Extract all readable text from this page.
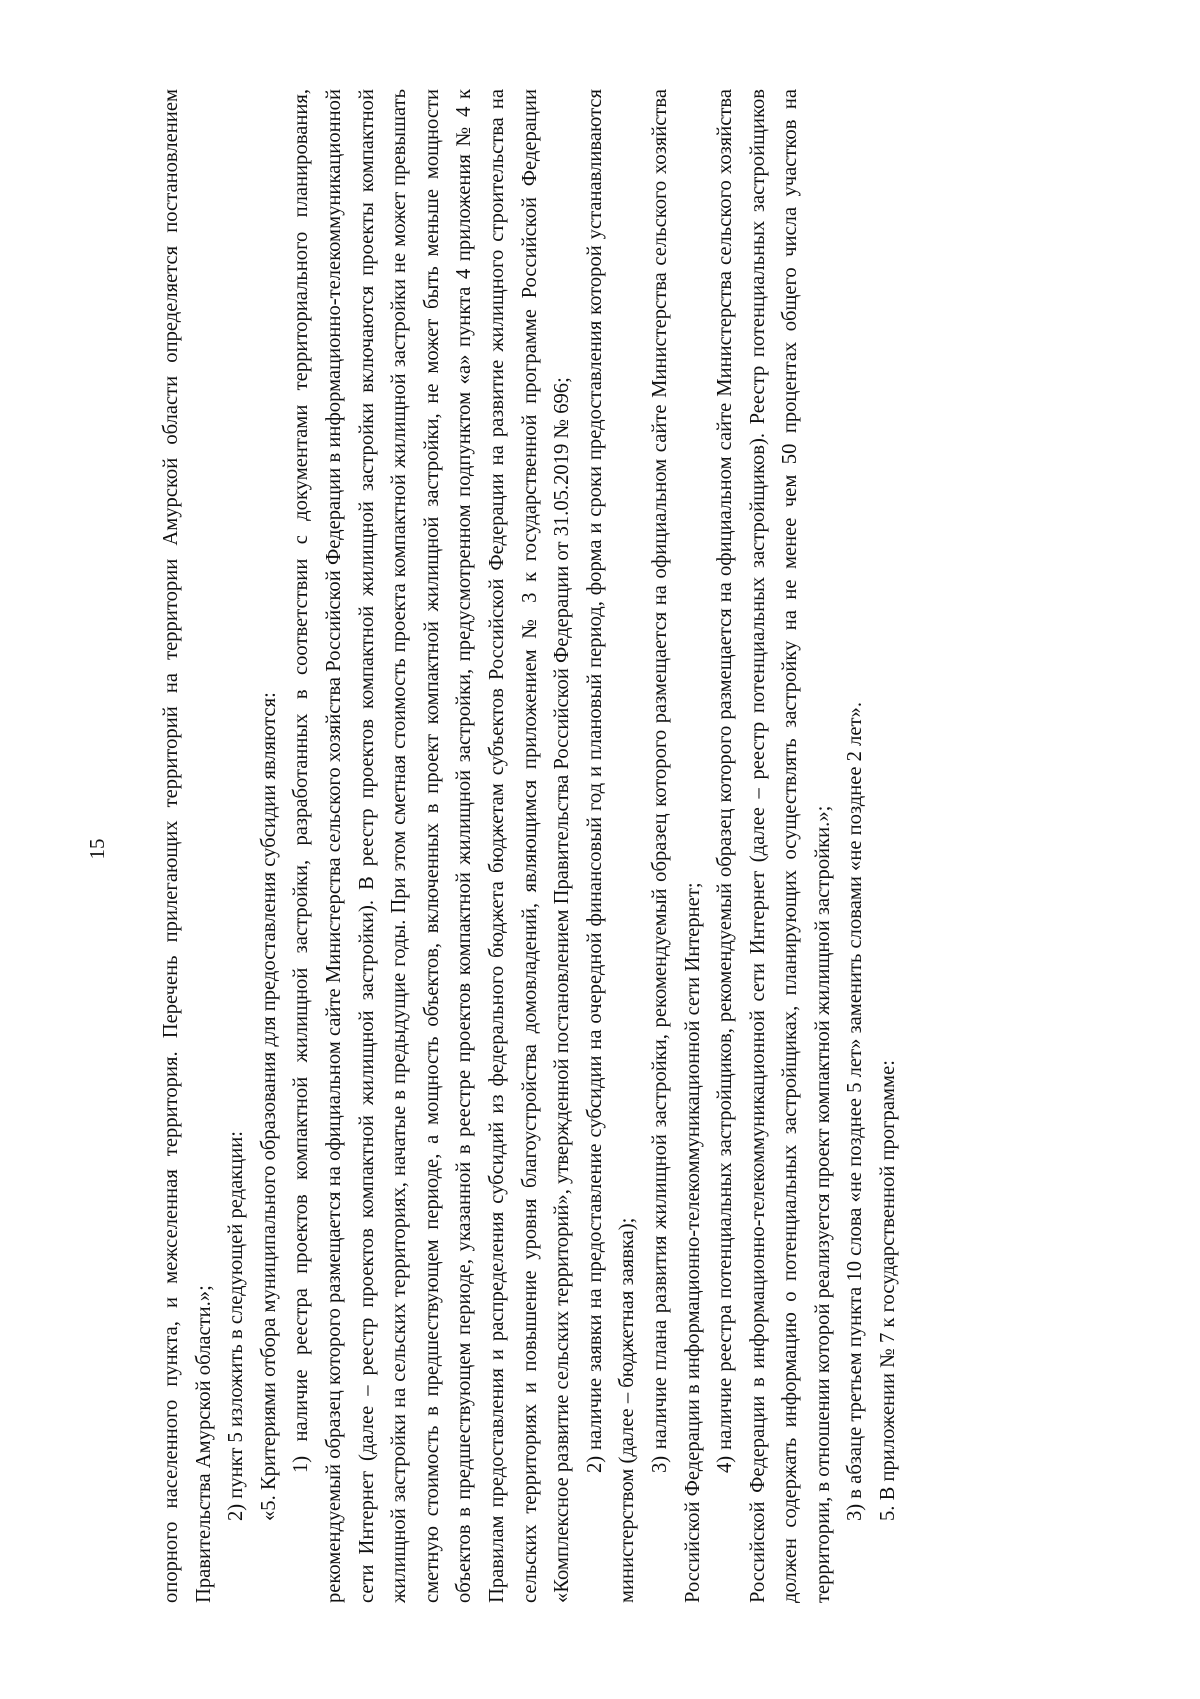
15 опорного населенного пункта, и межселенная территория. Перечень прилегающих территорий на территории Амурской области определяется постановлением Правительства Амурской области.»; 2) пункт 5 изложить в следующей редакции: «5. Критериями отбора муниципального образования для предоставления субсидии являются: 1) наличие реестра проектов компактной жилищной застройки, разработанных в соответствии с документами территориального планирования, рекомендуемый образец которого размещается на официальном сайте Министерства сельского хозяйства Российской Федерации в информационно-телекоммуникационной сети Интернет (далее – реестр проектов компактной жилищной застройки). В реестр проектов компактной жилищной застройки включаются проекты компактной жилищной застройки на сельских территориях, начатые в предыдущие годы. При этом сметная стоимость проекта компактной жилищной застройки не может превышать сметную стоимость в предшествующем периоде, а мощность объектов, включенных в проект компактной жилищной застройки, не может быть меньше мощности объектов в предшествующем периоде, указанной в реестре проектов компактной жилищной застройки, предусмотренном подпунктом «а» пункта 4 приложения № 4 к Правилам предоставления и распределения субсидий из федерального бюджета бюджетам субъектов Российской Федерации на развитие жилищного строительства на сельских территориях и повышение уровня благоустройства домовладений, являющимся приложением № 3 к государственной программе Российской Федерации «Комплексное развитие сельских территорий», утвержденной постановлением Правительства Российской Федерации от 31.05.2019 № 696; 2) наличие заявки на предоставление субсидии на очередной финансовый год и плановый период, форма и сроки предоставления которой устанавливаются министерством (далее – бюджетная заявка); 3) наличие плана развития жилищной застройки, рекомендуемый образец которого размещается на официальном сайте Министерства сельского хозяйства Российской Федерации в информационно-телекоммуникационной сети Интернет; 4) наличие реестра потенциальных застройщиков, рекомендуемый образец которого размещается на официальном сайте Министерства сельского хозяйства Российской Федерации в информационно-телекоммуникационной сети Интернет (далее – реестр потенциальных застройщиков). Реестр потенциальных застройщиков должен содержать информацию о потенциальных застройщиках, планирующих осуществлять застройку на не менее чем 50 процентах общего числа участков на территории, в отношении которой реализуется проект компактной жилищной застройки.»; 3) в абзаце третьем пункта 10 слова «не позднее 5 лет» заменить словами «не позднее 2 лет». 5. В приложении № 7 к государственной программе:
